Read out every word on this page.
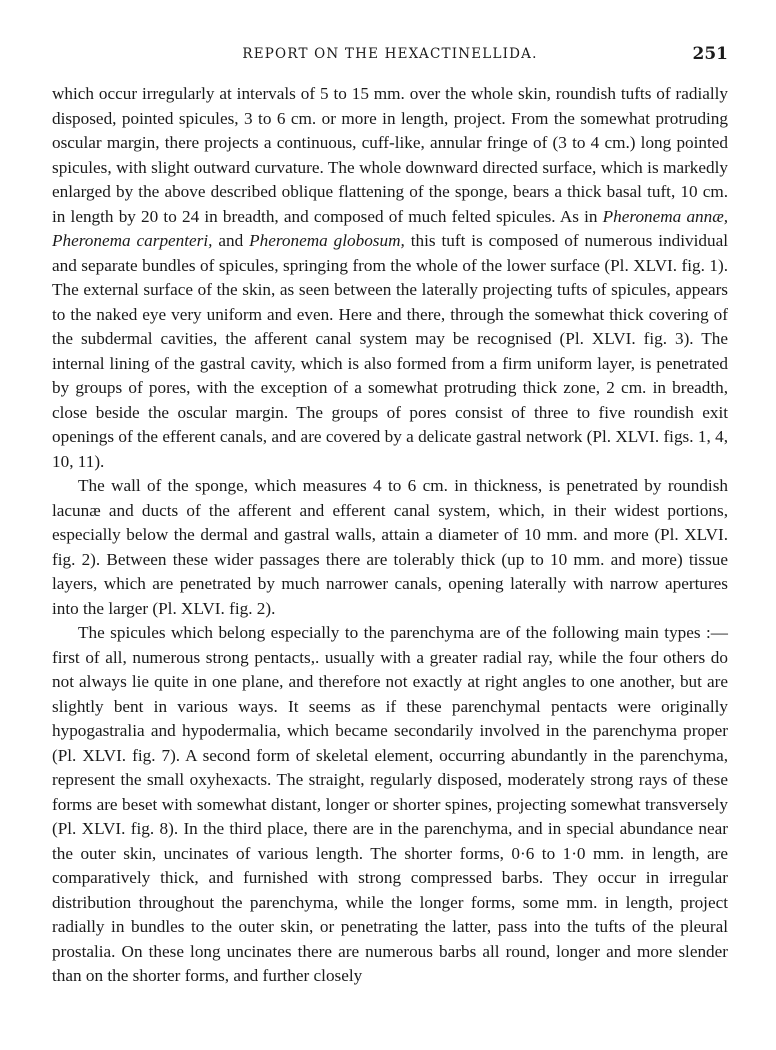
REPORT ON THE HEXACTINELLIDA.	251

which occur irregularly at intervals of 5 to 15 mm. over the whole skin, roundish tufts of radially disposed, pointed spicules, 3 to 6 cm. or more in length, project. From the somewhat protruding oscular margin, there projects a continuous, cuff-like, annular fringe of (3 to 4 cm.) long pointed spicules, with slight outward curvature. The whole downward directed surface, which is markedly enlarged by the above described oblique flattening of the sponge, bears a thick basal tuft, 10 cm. in length by 20 to 24 in breadth, and composed of much felted spicules. As in Pheronema annæ, Pheronema carpenteri, and Pheronema globosum, this tuft is composed of numerous individual and separate bundles of spicules, springing from the whole of the lower surface (Pl. XLVI. fig. 1). The external surface of the skin, as seen between the laterally projecting tufts of spicules, appears to the naked eye very uniform and even. Here and there, through the somewhat thick covering of the subdermal cavities, the afferent canal system may be recognised (Pl. XLVI. fig. 3). The internal lining of the gastral cavity, which is also formed from a firm uniform layer, is penetrated by groups of pores, with the exception of a somewhat protruding thick zone, 2 cm. in breadth, close beside the oscular margin. The groups of pores consist of three to five roundish exit openings of the efferent canals, and are covered by a delicate gastral network (Pl. XLVI. figs. 1, 4, 10, 11).

The wall of the sponge, which measures 4 to 6 cm. in thickness, is penetrated by roundish lacunæ and ducts of the afferent and efferent canal system, which, in their widest portions, especially below the dermal and gastral walls, attain a diameter of 10 mm. and more (Pl. XLVI. fig. 2). Between these wider passages there are tolerably thick (up to 10 mm. and more) tissue layers, which are penetrated by much narrower canals, opening laterally with narrow apertures into the larger (Pl. XLVI. fig. 2).

The spicules which belong especially to the parenchyma are of the following main types :—first of all, numerous strong pentacts,. usually with a greater radial ray, while the four others do not always lie quite in one plane, and therefore not exactly at right angles to one another, but are slightly bent in various ways. It seems as if these parenchymal pentacts were originally hypogastralia and hypodermalia, which became secondarily involved in the parenchyma proper (Pl. XLVI. fig. 7). A second form of skeletal element, occurring abundantly in the parenchyma, represent the small oxyhexacts. The straight, regularly disposed, moderately strong rays of these forms are beset with somewhat distant, longer or shorter spines, projecting somewhat transversely (Pl. XLVI. fig. 8). In the third place, there are in the parenchyma, and in special abundance near the outer skin, uncinates of various length. The shorter forms, 0·6 to 1·0 mm. in length, are comparatively thick, and furnished with strong compressed barbs. They occur in irregular distribution throughout the parenchyma, while the longer forms, some mm. in length, project radially in bundles to the outer skin, or penetrating the latter, pass into the tufts of the pleural prostalia. On these long uncinates there are numerous barbs all round, longer and more slender than on the shorter forms, and further closely
